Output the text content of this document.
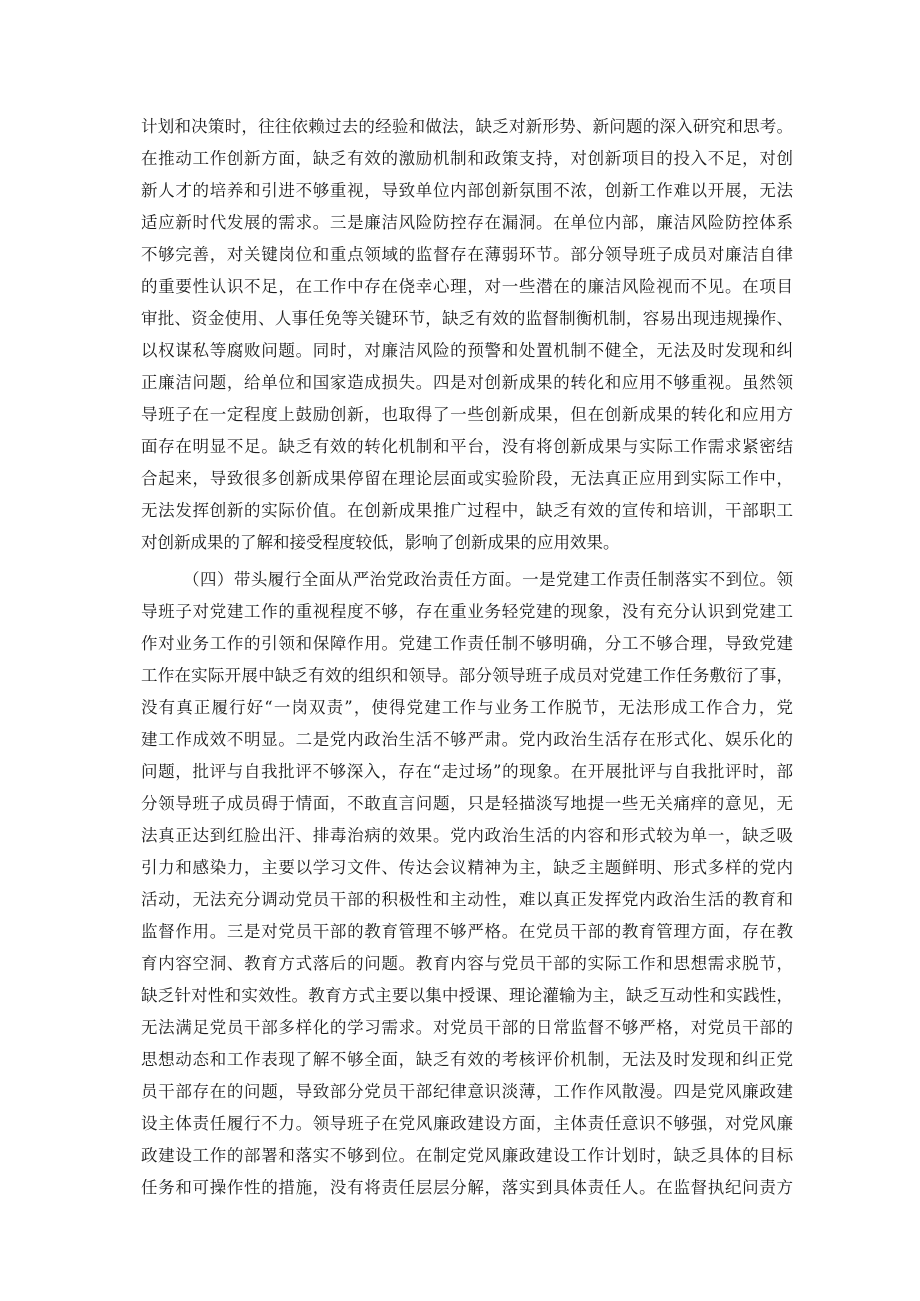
计划和决策时，往往依赖过去的经验和做法，缺乏对新形势、新问题的深入研究和思考。
在推动工作创新方面，缺乏有效的激励机制和政策支持，对创新项目的投入不足，对创
新人才的培养和引进不够重视，导致单位内部创新氛围不浓，创新工作难以开展，无法
适应新时代发展的需求。三是廉洁风险防控存在漏洞。在单位内部，廉洁风险防控体系
不够完善，对关键岗位和重点领域的监督存在薄弱环节。部分领导班子成员对廉洁自律
的重要性认识不足，在工作中存在侥幸心理，对一些潜在的廉洁风险视而不见。在项目
审批、资金使用、人事任免等关键环节，缺乏有效的监督制衡机制，容易出现违规操作、
以权谋私等腐败问题。同时，对廉洁风险的预警和处置机制不健全，无法及时发现和纠
正廉洁问题，给单位和国家造成损失。四是对创新成果的转化和应用不够重视。虽然领
导班子在一定程度上鼓励创新，也取得了一些创新成果，但在创新成果的转化和应用方
面存在明显不足。缺乏有效的转化机制和平台，没有将创新成果与实际工作需求紧密结
合起来，导致很多创新成果停留在理论层面或实验阶段，无法真正应用到实际工作中，
无法发挥创新的实际价值。在创新成果推广过程中，缺乏有效的宣传和培训，干部职工
对创新成果的了解和接受程度较低，影响了创新成果的应用效果。
（四）带头履行全面从严治党政治责任方面。一是党建工作责任制落实不到位。领
导班子对党建工作的重视程度不够，存在重业务轻党建的现象，没有充分认识到党建工
作对业务工作的引领和保障作用。党建工作责任制不够明确，分工不够合理，导致党建
工作在实际开展中缺乏有效的组织和领导。部分领导班子成员对党建工作任务敷衍了事，
没有真正履行好“一岗双责”，使得党建工作与业务工作脱节，无法形成工作合力，党
建工作成效不明显。二是党内政治生活不够严肃。党内政治生活存在形式化、娱乐化的
问题，批评与自我批评不够深入，存在“走过场”的现象。在开展批评与自我批评时，部
分领导班子成员碍于情面，不敢直言问题，只是轻描淡写地提一些无关痛痒的意见，无
法真正达到红脸出汗、排毒治病的效果。党内政治生活的内容和形式较为单一，缺乏吸
引力和感染力，主要以学习文件、传达会议精神为主，缺乏主题鲜明、形式多样的党内
活动，无法充分调动党员干部的积极性和主动性，难以真正发挥党内政治生活的教育和
监督作用。三是对党员干部的教育管理不够严格。在党员干部的教育管理方面，存在教
育内容空洞、教育方式落后的问题。教育内容与党员干部的实际工作和思想需求脱节，
缺乏针对性和实效性。教育方式主要以集中授课、理论灌输为主，缺乏互动性和实践性，
无法满足党员干部多样化的学习需求。对党员干部的日常监督不够严格，对党员干部的
思想动态和工作表现了解不够全面，缺乏有效的考核评价机制，无法及时发现和纠正党
员干部存在的问题，导致部分党员干部纪律意识淡薄，工作作风散漫。四是党风廉政建
设主体责任履行不力。领导班子在党风廉政建设方面，主体责任意识不够强，对党风廉
政建设工作的部署和落实不够到位。在制定党风廉政建设工作计划时，缺乏具体的目标
任务和可操作性的措施，没有将责任层层分解，落实到具体责任人。在监督执纪问责方
